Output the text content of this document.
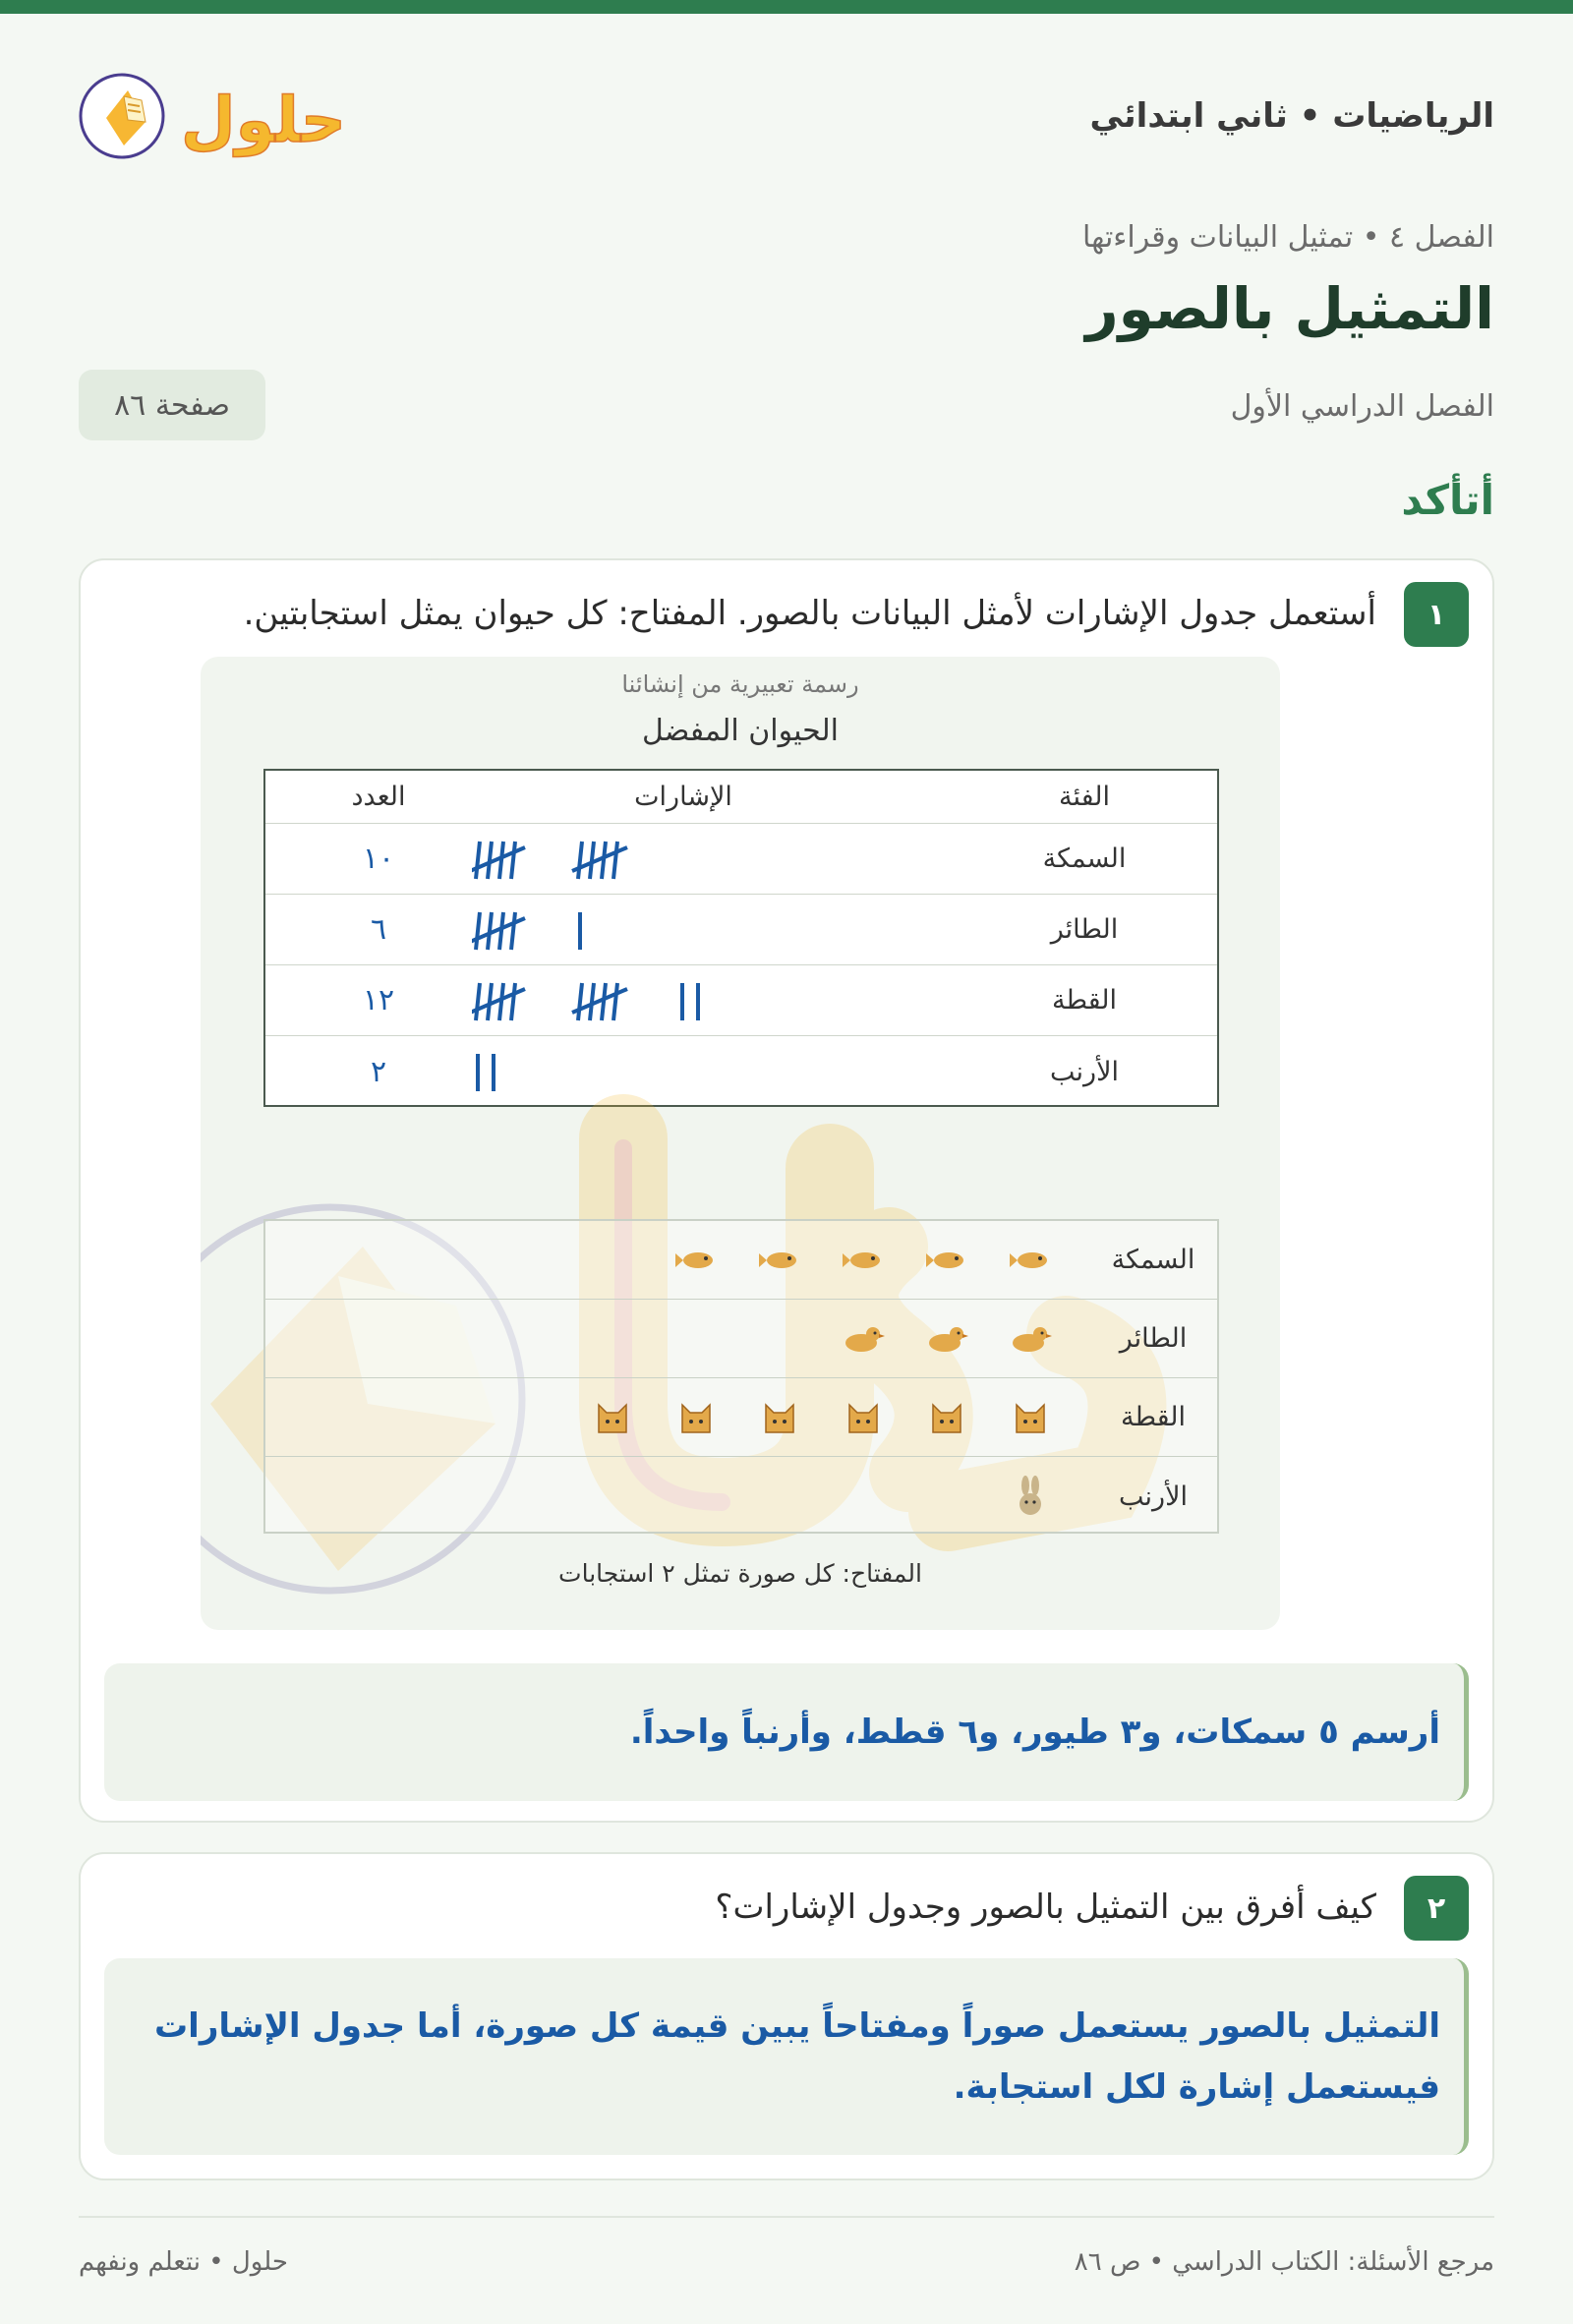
الرياضيات • ثاني ابتدائي
حلول
الفصل ٤ • تمثيل البيانات وقراءتها
التمثيل بالصور
الفصل الدراسي الأول
صفحة ٨٦
أتأكد
١
أستعمل جدول الإشارات لأمثل البيانات بالصور. المفتاح: كل حيوان يمثل استجابتين.
رسمة تعبيرية من إنشائنا
الحيوان المفضل
الفئة
الإشارات
العدد
السمكة
١٠
الطائر
٦
القطة
١٢
الأرنب
٢
السمكة
الطائر
القطة
الأرنب
المفتاح: كل صورة تمثل ٢ استجابات
أرسم ٥ سمكات، و٣ طيور، و٦ قطط، وأرنباً واحداً.
٢
كيف أفرق بين التمثيل بالصور وجدول الإشارات؟
التمثيل بالصور يستعمل صوراً ومفتاحاً يبين قيمة كل صورة، أما جدول الإشارات
فيستعمل إشارة لكل استجابة.
مرجع الأسئلة: الكتاب الدراسي • ص ٨٦
حلول • نتعلم ونفهم
